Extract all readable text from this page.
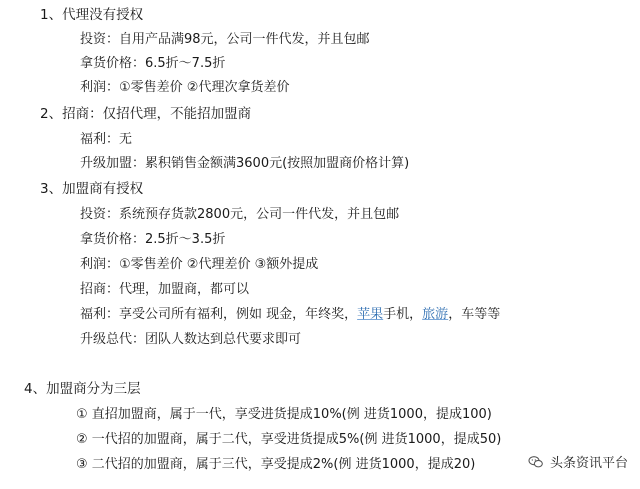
1、代理没有授权
投资：自用产品满98元，公司一件代发，并且包邮
拿货价格：6.5折～7.5折
利润：①零售差价 ②代理次拿货差价
2、招商：仅招代理，不能招加盟商
福利：无
升级加盟：累积销售金额满3600元(按照加盟商价格计算)
3、加盟商有授权
投资：系统预存货款2800元，公司一件代发，并且包邮
拿货价格：2.5折～3.5折
利润：①零售差价 ②代理差价 ③额外提成
招商：代理，加盟商，都可以
福利：享受公司所有福利，例如 现金，年终奖，苹果手机，旅游，车等等
升级总代：团队人数达到总代要求即可
4、加盟商分为三层
① 直招加盟商，属于一代，享受进货提成10%(例 进货1000，提成100)
② 一代招的加盟商，属于二代，享受进货提成5%(例 进货1000，提成50)
③ 二代招的加盟商，属于三代，享受提成2%(例 进货1000，提成20)	头条资讯平台
